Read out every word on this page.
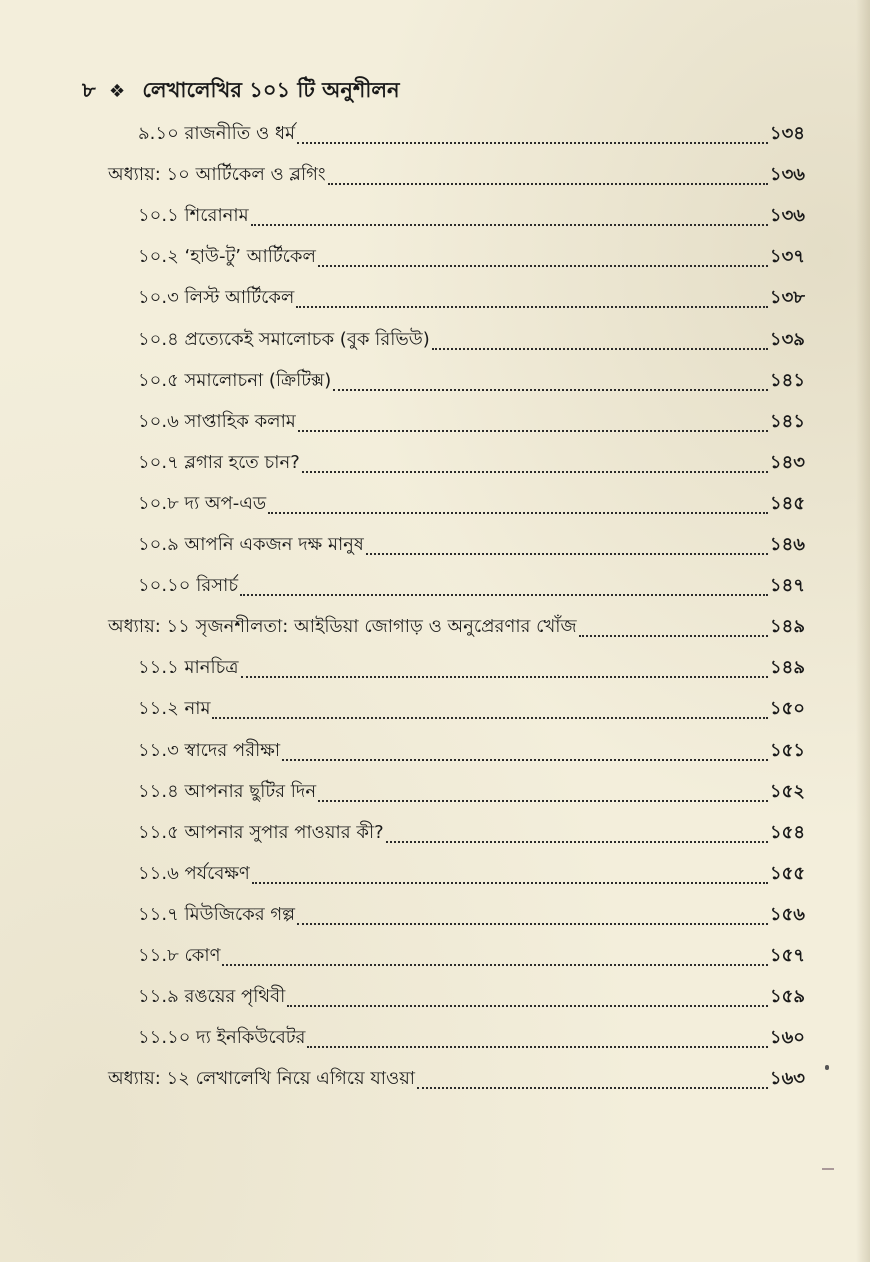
৮ ❖ লেখালেখির ১০১ টি অনুশীলন
৯.১০ রাজনীতি ও ধর্ম	১৩৪
অধ্যায়: ১০ আর্টিকেল ও ব্লগিং	১৩৬
১০.১ শিরোনাম	১৩৬
১০.২ ‘হাউ-টু’ আর্টিকেল	১৩৭
১০.৩ লিস্ট আর্টিকেল	১৩৮
১০.৪ প্রত্যেকেই সমালোচক (বুক রিভিউ)	১৩৯
১০.৫ সমালোচনা (ক্রিটিক্স)	১৪১
১০.৬ সাপ্তাহিক কলাম	১৪১
১০.৭ ব্লগার হতে চান?	১৪৩
১০.৮ দ্য অপ-এড	১৪৫
১০.৯ আপনি একজন দক্ষ মানুষ	১৪৬
১০.১০ রিসার্চ	১৪৭
অধ্যায়: ১১ সৃজনশীলতা: আইডিয়া জোগাড় ও অনুপ্রেরণার খোঁজ	১৪৯
১১.১ মানচিত্র	১৪৯
১১.২ নাম	১৫০
১১.৩ স্বাদের পরীক্ষা	১৫১
১১.৪ আপনার ছুটির দিন	১৫২
১১.৫ আপনার সুপার পাওয়ার কী?	১৫৪
১১.৬ পর্যবেক্ষণ	১৫৫
১১.৭ মিউজিকের গল্প	১৫৬
১১.৮ কোণ	১৫৭
১১.৯ রঙয়ের পৃথিবী	১৫৯
১১.১০ দ্য ইনকিউবেটর	১৬০
অধ্যায়: ১২ লেখালেখি নিয়ে এগিয়ে যাওয়া	১৬৩
